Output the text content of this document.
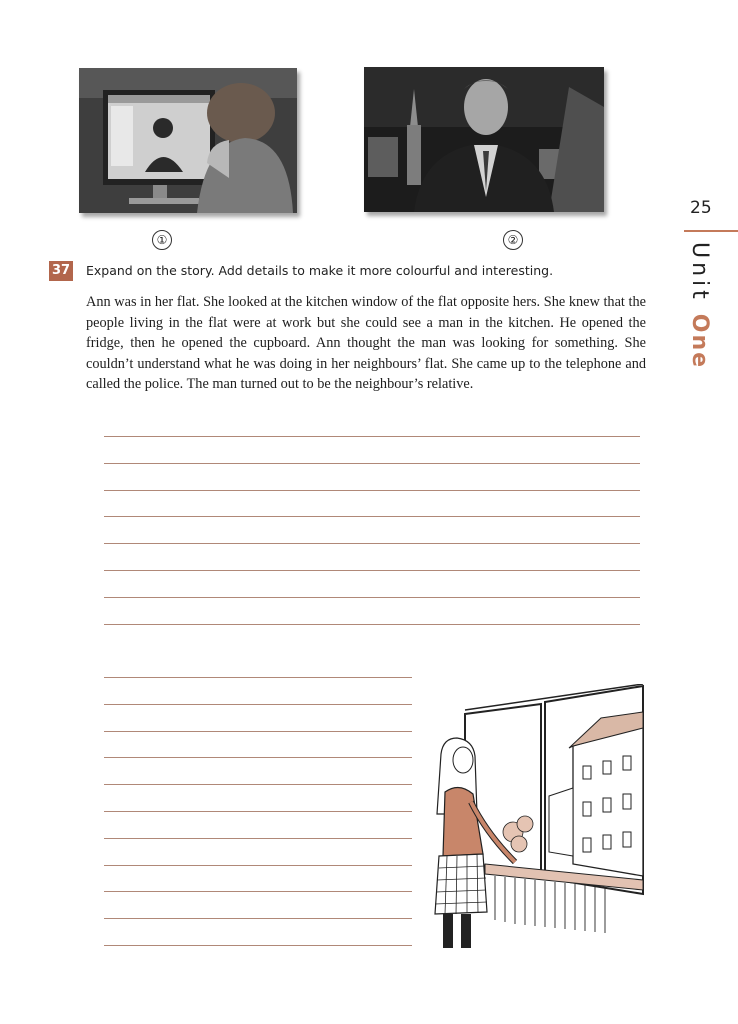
①	②
25
Unit One
37 Expand on the story. Add details to make it more colourful and interesting.
Ann was in her flat. She looked at the kitchen window of the flat opposite hers. She knew that the people living in the flat were at work but she could see a man in the kitchen. He opened the fridge, then he opened the cupboard. Ann thought the man was looking for something. She couldn’t understand what he was doing in her neighbours’ flat. She came up to the telephone and called the police. The man turned out to be the neighbour’s relative.
